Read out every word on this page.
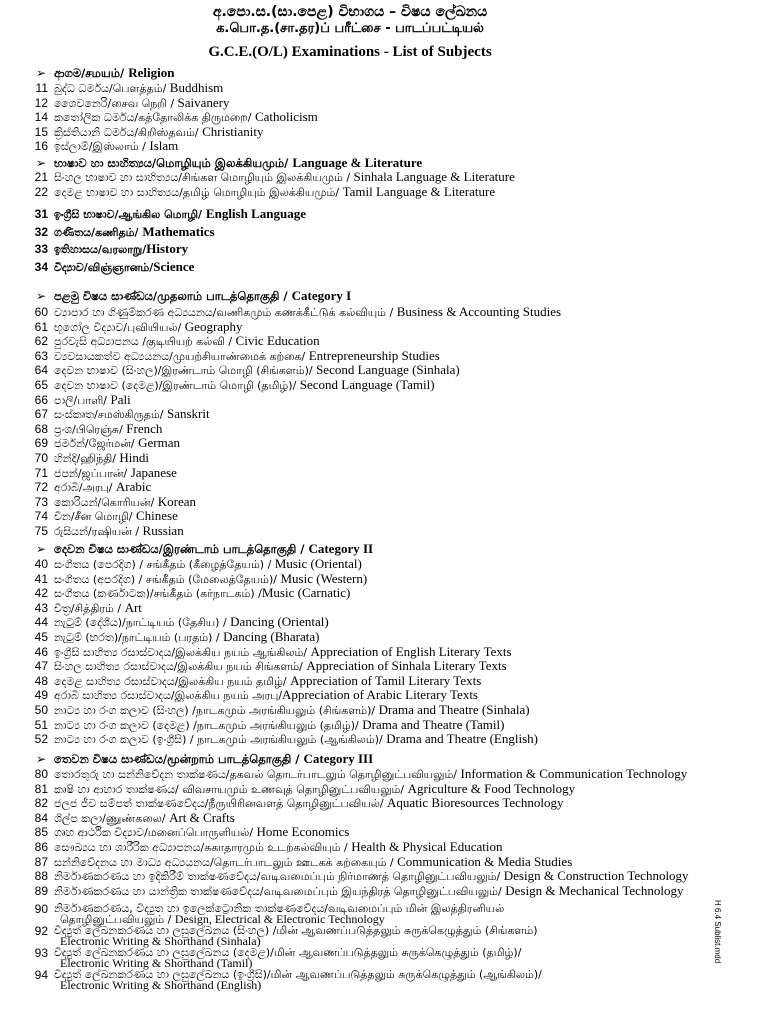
අ.පො.ස.(සා.පෙළ) විභාගය – විෂය ලේඛනය
க.பொ.த.(சா.தர)ப் பரீட்சை - பாடப்பட்டியல்
G.C.E.(O/L) Examinations - List of Subjects
➢ ආගම/சமயம்/ Religion
11 බුද්ධ ධර්මය/பௌத்தம்/ Buddhism
12 ශෛවනෙරි/சைவ நெறி / Saivanery
14 කතෝලික ධර්මය/கத்தோலிக்க திருமறை/ Catholicism
15 ක්‍රිස්තියානි ධර්මය/கிறிஸ்தவம்/ Christianity
16 ඉස්ලාම්/இஸ்லாம் / Islam
➢ භාෂාව හා සාහිත්‍යය/மொழியும் இலக்கியமும்/ Language & Literature
21 සිංහල භාෂාව හා සාහිත්‍යය/சிங்கள மொழியும் இலக்கியமும் / Sinhala Language & Literature
22 දෙමළ භාෂාව හා සාහිත්‍යය/தமிழ் மொழியும் இலக்கியமும்/ Tamil Language & Literature
31 ඉංග්‍රීසි භාෂාව/ஆங்கில மொழி/ English Language
32 ගණිතය/கணிதம்/ Mathematics
33 ඉතිහාසය/வரலாறு/History
34 විද්‍යාව/விஞ்ஞானம்/Science
➢ පළමු විෂය සාණ්ඩය/முதலாம் பாடத்தொகுதி / Category I
60 ව්‍යාපාර හා ගිණුම්කරණ අධ්‍යයනය/வணிகமும் கணக்கீட்டுக் கல்வியும் / Business & Accounting Studies
61 භූගෝල විද්‍යාව/புவியியல்/ Geography
62 පුරවැසි අධ්‍යාපනය /குடியியற் கல்வி / Civic Education
63 ව්‍යවසායකත්ව අධ්‍යයනය/முயற்சியாண்மைக் கற்கை/ Entrepreneurship Studies
64 දෙවන භාෂාව (සිංහල)/இரண்டாம் மொழி (சிங்களம்)/ Second Language (Sinhala)
65 දෙවන භාෂාව (දෙමළ)/இரண்டாம் மொழி (தமிழ்)/ Second Language (Tamil)
66 පාලි/பாளி/ Pali
67 සංස්කෘත/சமஸ்கிருதம்/ Sanskrit
68 ප්‍රංශ/பிரெஞ்சு/ French
69 ජර්මන්/ஜேர்மன்/ German
70 හින්දි/ஹிந்தி/ Hindi
71 ජපන්/ஜப்பான்/ Japanese
72 අරාබි/அரபு/ Arabic
73 කොරියන්/கொரியன்/ Korean
74 චීන/சீன மொழி/ Chinese
75 රුසියන්/ரஷியன் / Russian
➢ දෙවන විෂය සාණ්ඩය/இரண்டாம் பாடத்தொகுதி / Category II
40 සංගීතය (පෙරදිග) / சங்கீதம் (கீழைத்தேயம்) / Music (Oriental)
41 සංගීතය (අපරදිග) / சங்கீதம் (மேலைத்தேயம்)/ Music (Western)
42 සංගීතය (කර්ණාටක)/சங்கீதம் (கர்நாடகம்) /Music (Carnatic)
43 චිත්‍ර/சித்திரம் / Art
44 නැටුම් (දේශීය)/நாட்டியம் (தேசிய) / Dancing (Oriental)
45 නැටුම් (භරත)/நாட்டியம் (பரதம்) / Dancing (Bharata)
46 ඉංග්‍රීසි සාහිත්‍ය රසාස්වාදය/இலக்கிய நயம் ஆங்கிலம்/ Appreciation of English Literary Texts
47 සිංහල සාහිත්‍ය රසාස්වාදය/இலக்கிய நயம் சிங்களம்/ Appreciation of Sinhala Literary Texts
48 දෙමළ සාහිත්‍ය රසාස්වාදය/இலக்கிய நயம் தமிழ்/ Appreciation of Tamil Literary Texts
49 අරාබි සාහිත්‍ය රසාස්වාදය/இலக்கிய நயம் அரபு/Appreciation of Arabic Literary Texts
50 නාට්‍ය හා රංග කලාව (සිංහල) /நாடகமும் அரங்கியலும் (சிங்களம்)/ Drama and Theatre (Sinhala)
51 නාට්‍ය හා රංග කලාව (දෙමළ) /நாடகமும் அரங்கியலும் (தமிழ்)/ Drama and Theatre (Tamil)
52 නාට්‍ය හා රංග කලාව (ඉංග්‍රීසි) / நாடகமும் அரங்கியலும் (ஆங்கிலம்)/ Drama and Theatre (English)
➢ තෙවන විෂය සාණ්ඩය/மூன்றாம் பாடத்தொகுதி / Category III
80 තොරතුරු හා සන්නිවේදන තාක්ෂණය/தகவல் தொடர்பாடலும் தொழினுட்பவியலும்/ Information & Communication Technology
81 කෘෂි හා ආහාර තාක්ෂණය/ விவசாயமும் உணவுத் தொழினுட்பவியலும்/ Agriculture & Food Technology
82 ජලජ ජීව සම්පත් තාක්ෂණවේදය/நீருயிரினவளத் தொழினுட்பவியல்/ Aquatic Bioresources Technology
84 ශිල්ප කලා/ணுண்கலை/ Art & Crafts
85 ගෘහ ආර්ථික විද්‍යාව/மனைப்பொருளியல்/ Home Economics
86 සෞඛ්‍යය හා ශාරීරික අධ්‍යාපනය/சுகாதாரமும் உடற்கல்வியும் / Health & Physical Education
87 සන්නිවේදනය හා මාධ්‍ය අධ්‍යයනය/தொடர்பாடலும் ஊடகக் கற்கையும் / Communication & Media Studies
88 නිර්මාණකරණය හා ඉදිකිරීම් තාක්ෂණවේදය/வடிவமைப்பும் நிர்மாணத் தொழினுட்பவியலும்/ Design & Construction Technology
89 නිර්මාණකරණය හා යාන්ත්‍රික තාක්ෂණවේදය/வடிவமைப்பும் இயந்திரத் தொழினுட்பவியலும்/ Design & Mechanical Technology
90 නිර්මාණකරණය, විද්‍යුත හා ඉලෙක්ට්‍රොනික තාක්ෂණවේදය/வடிவமைப்பும் மின் இலத்திரனியல்
தொழினுட்பவியலும் / Design, Electrical & Electronic Technology
92 විද්‍යුත් ලේඛනකරණය හා ලඝුලේඛනය (සිංහල) /மின் ஆவணப்படுத்தலும் சுருக்கெழுத்தும் (சிங்களம்)
Electronic Writing & Shorthand (Sinhala)
93 විද්‍යුත් ලේඛනකරණය හා ලඝුලේඛනය (දෙමළ)/மின் ஆவணப்படுத்தலும் சுருக்கெழுத்தும் (தமிழ்)/
Electronic Writing & Shorthand (Tamil)
94 විද්‍යුත් ලේඛනකරණය හා ලඝුලේඛනය (ඉංග්‍රීසි)/மின் ஆவணப்படுத்தலும் சுருக்கெழுத்தும் (ஆங்கிலம்)/
Electronic Writing & Shorthand (English)
H 6.4 Sublist.mdd
